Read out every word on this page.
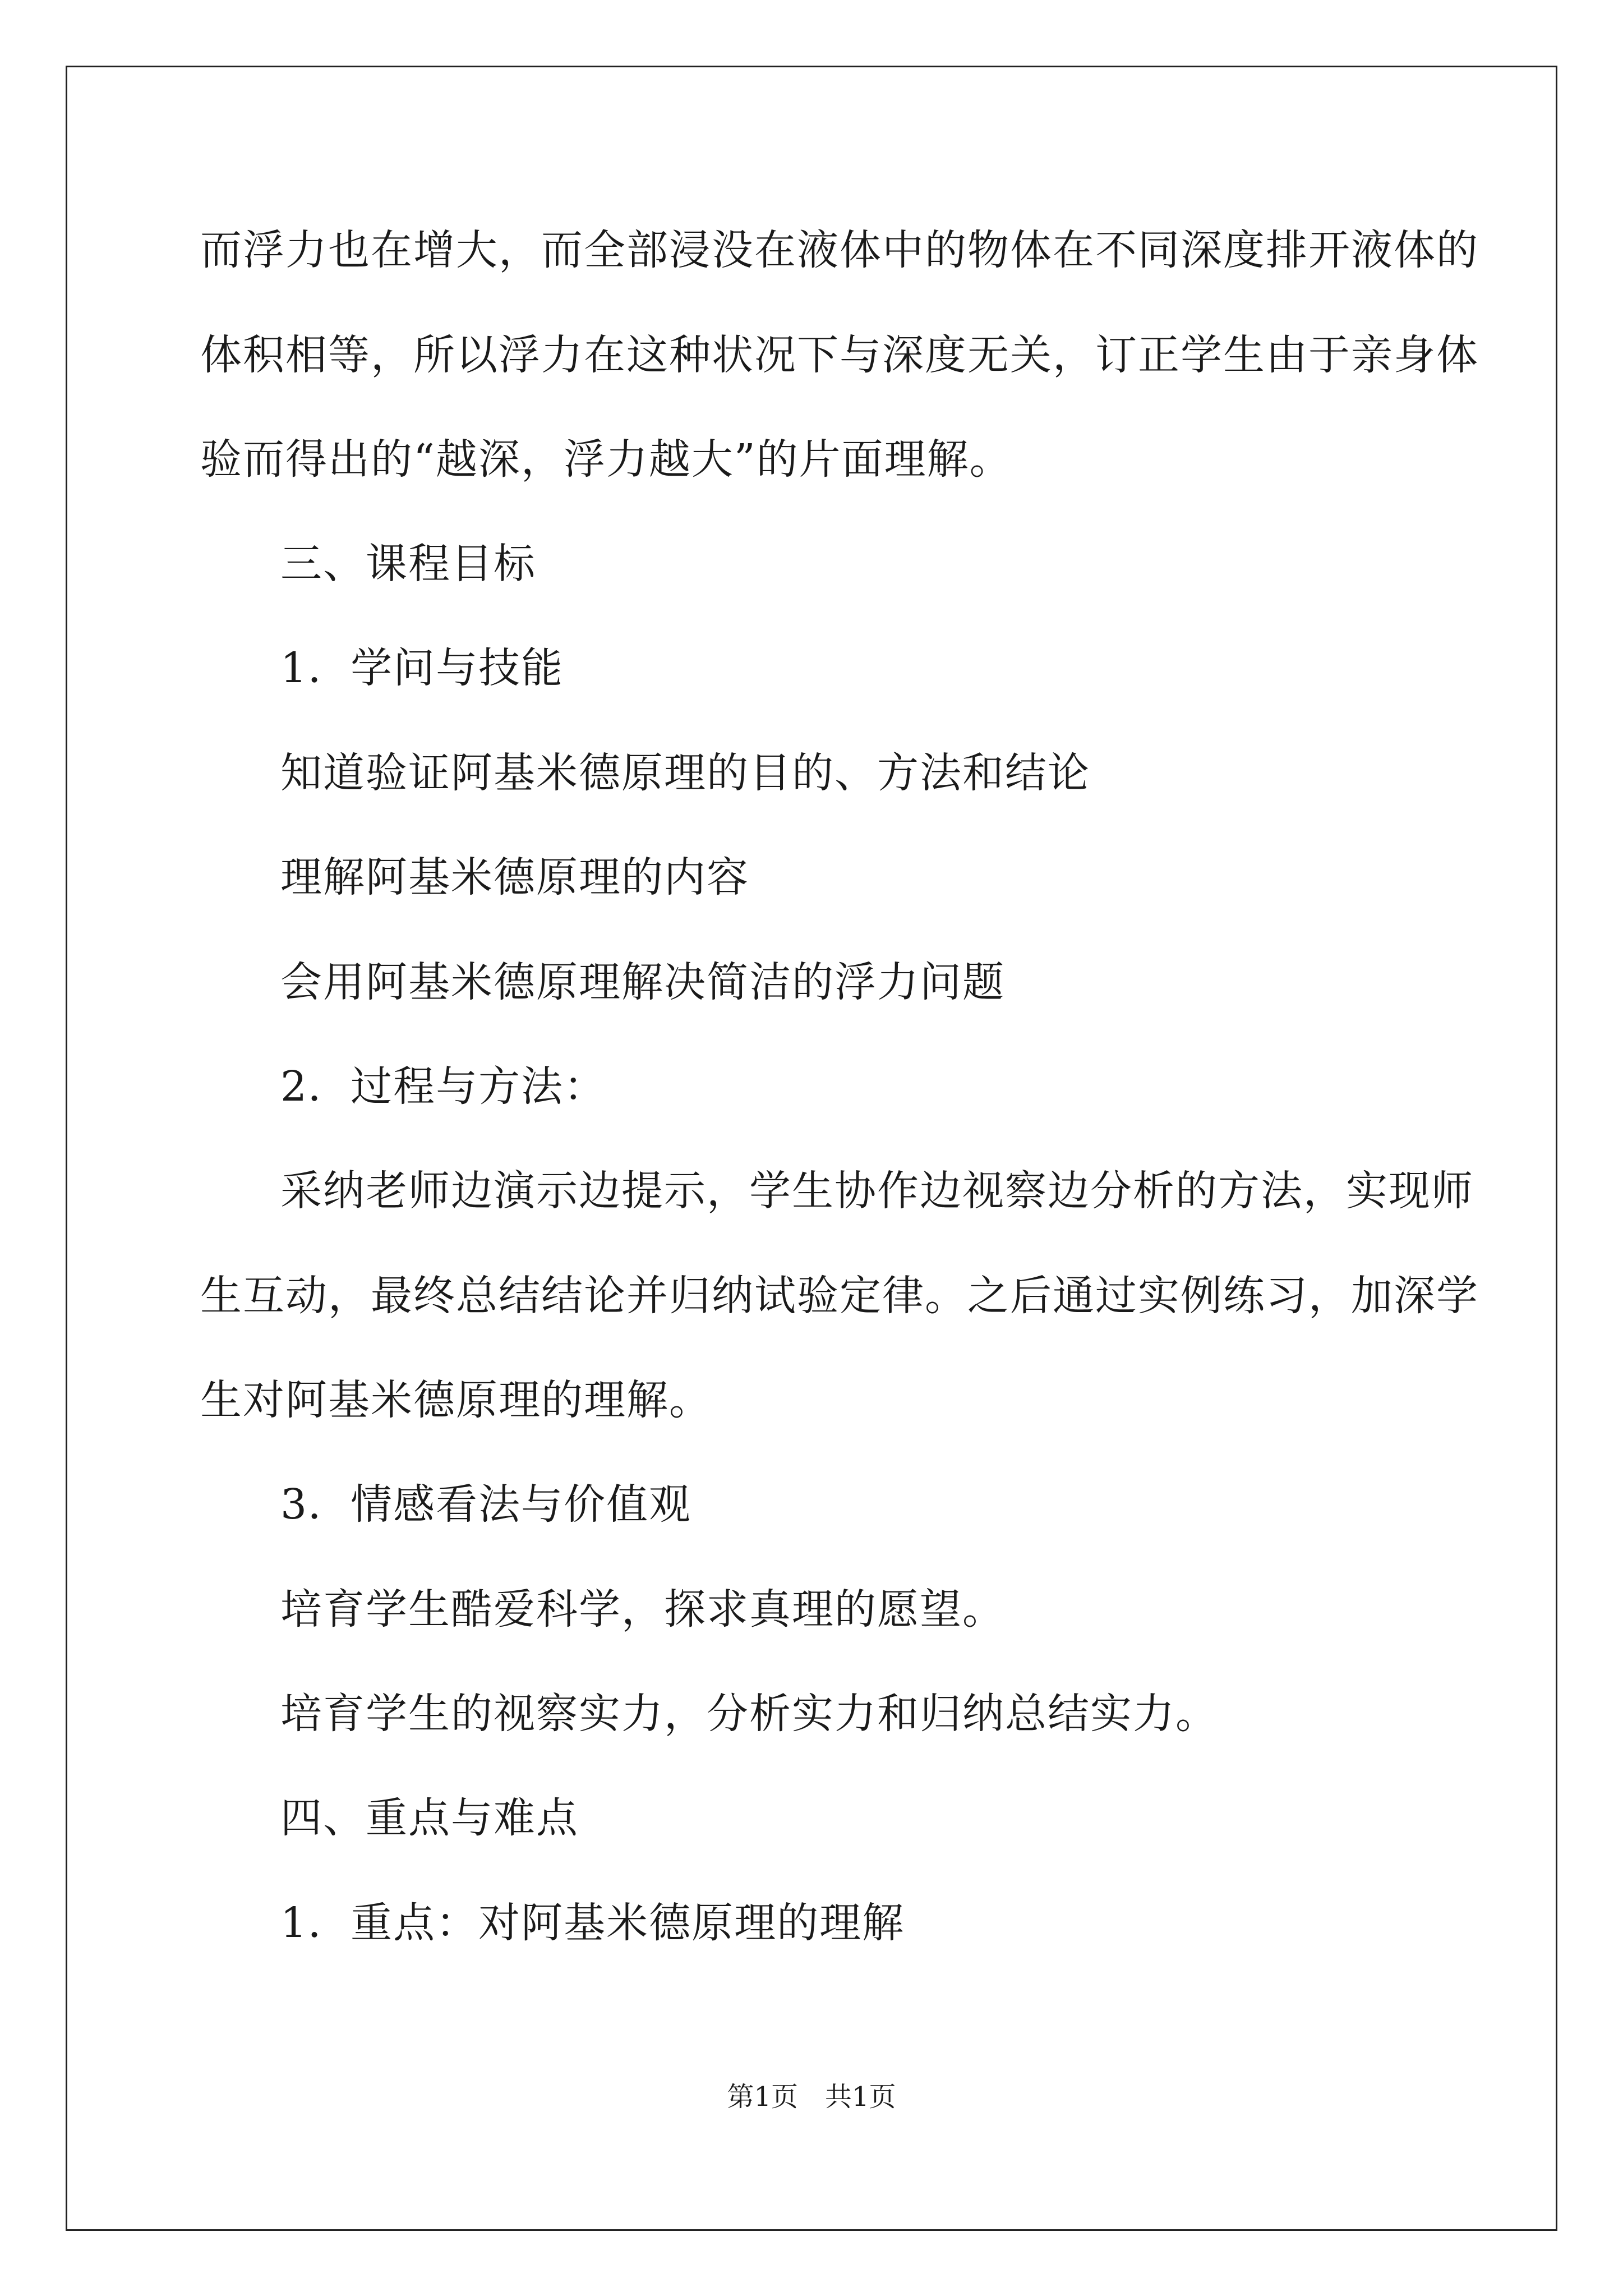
而浮力也在增大，而全部浸没在液体中的物体在不同深度排开液体的
体积相等，所以浮力在这种状况下与深度无关，订正学生由于亲身体
验而得出的“越深，浮力越大”的片面理解。
三、课程目标
1．学问与技能
知道验证阿基米德原理的目的、方法和结论
理解阿基米德原理的内容
会用阿基米德原理解决简洁的浮力问题
2．过程与方法：
采纳老师边演示边提示，学生协作边视察边分析的方法，实现师
生互动，最终总结结论并归纳试验定律。之后通过实例练习，加深学
生对阿基米德原理的理解。
3．情感看法与价值观
培育学生酷爱科学，探求真理的愿望。
培育学生的视察实力，分析实力和归纳总结实力。
四、重点与难点
1．重点：对阿基米德原理的理解
第1页 共1页
